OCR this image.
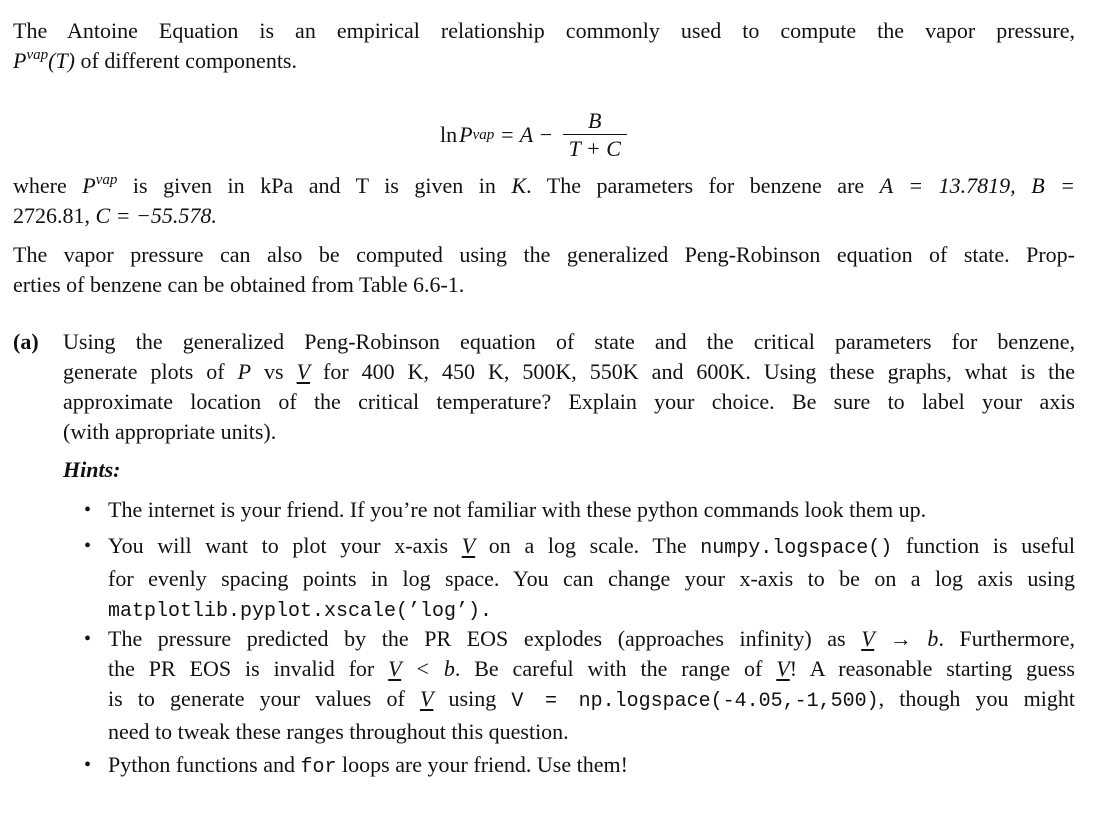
The Antoine Equation is an empirical relationship commonly used to compute the vapor pressure,
$P^{vap}(T)$ of different components.
ln P vap = $A - \frac{B}{T + C}$
where $P^{vap}$ is given in kPa and T is given in K. The parameters for benzene are A = 13.7819, B =
2726.81, C = −55.578.
The vapor pressure can also be computed using the generalized Peng-Robinson equation of state. Prop-
erties of benzene can be obtained from Table 6.6-1.
(a) Using the generalized Peng-Robinson equation of state and the critical parameters for benzene,
generate plots of P vs V for 400 K, 450 K, 500K, 550K and 600K. Using these graphs, what is the
approximate location of the critical temperature? Explain your choice. Be sure to label your axis
(with appropriate units).
Hints:
• The internet is your friend. If you’re not familiar with these python commands look them up.
• You will want to plot your x-axis V on a log scale. The numpy.logspace() function is useful
for evenly spacing points in log space. You can change your x-axis to be on a log axis using
matplotlib.pyplot.xscale(’log’).
• The pressure predicted by the PR EOS explodes (approaches infinity) as V → b. Furthermore,
the PR EOS is invalid for V < b. Be careful with the range of V! A reasonable starting guess
is to generate your values of V using V = np.logspace(-4.05,-1,500), though you might
need to tweak these ranges throughout this question.
• Python functions and for loops are your friend. Use them!
